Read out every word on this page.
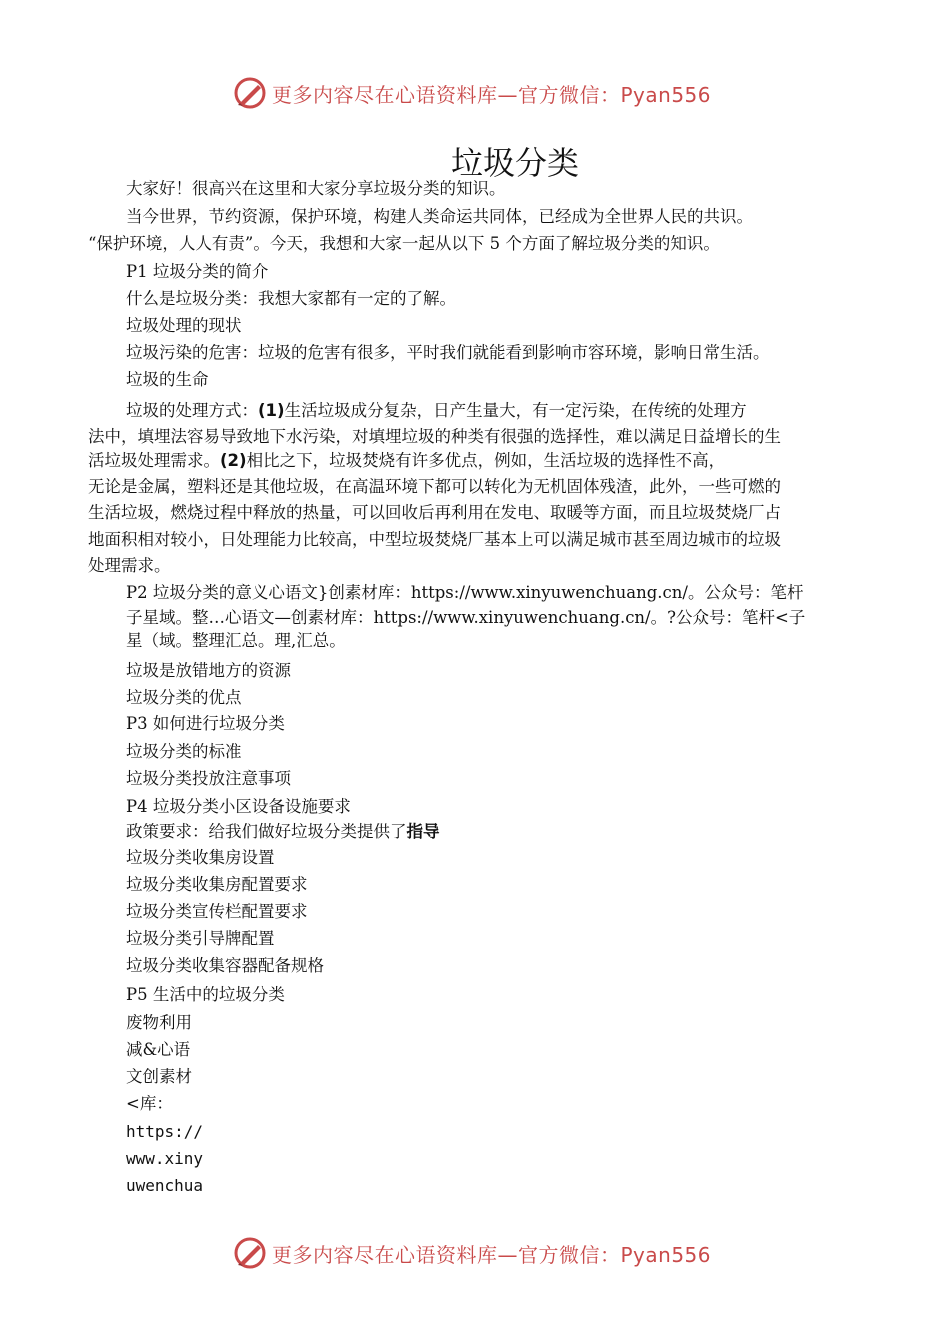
更多内容尽在心语资料库—官方微信：Pyan556
垃圾分类
大家好！很高兴在这里和大家分享垃圾分类的知识。
当今世界，节约资源，保护环境，构建人类命运共同体，已经成为全世界人民的共识。
“保护环境，人人有责”。今天，我想和大家一起从以下 5 个方面了解垃圾分类的知识。
P1 垃圾分类的简介
什么是垃圾分类：我想大家都有一定的了解。
垃圾处理的现状
垃圾污染的危害：垃圾的危害有很多，平时我们就能看到影响市容环境，影响日常生活。
垃圾的生命
垃圾的处理方式：(1)生活垃圾成分复杂，日产生量大，有一定污染，在传统的处理方
法中，填埋法容易导致地下水污染，对填埋垃圾的种类有很强的选择性，难以满足日益增长的生
活垃圾处理需求。(2)相比之下，垃圾焚烧有许多优点，例如，生活垃圾的选择性不高，
无论是金属，塑料还是其他垃圾，在高温环境下都可以转化为无机固体残渣，此外，一些可燃的
生活垃圾，燃烧过程中释放的热量，可以回收后再利用在发电、取暖等方面，而且垃圾焚烧厂占
地面积相对较小，日处理能力比较高，中型垃圾焚烧厂基本上可以满足城市甚至周边城市的垃圾
处理需求。
P2 垃圾分类的意义心语文}创素材库：https://www.xinyuwenchuang.cn/。公众号：笔杆
子星域。整…心语文—创素材库：https://www.xinyuwenchuang.cn/。?公众号：笔杆<子
星（域。整理汇总。理,汇总。
垃圾是放错地方的资源
垃圾分类的优点
P3 如何进行垃圾分类
垃圾分类的标准
垃圾分类投放注意事项
P4 垃圾分类小区设备设施要求
政策要求：给我们做好垃圾分类提供了指导
垃圾分类收集房设置
垃圾分类收集房配置要求
垃圾分类宣传栏配置要求
垃圾分类引导牌配置
垃圾分类收集容器配备规格
P5 生活中的垃圾分类
废物利用
减&心语
文创素材
<库：
https://
www.xiny
uwenchua
更多内容尽在心语资料库—官方微信：Pyan556
